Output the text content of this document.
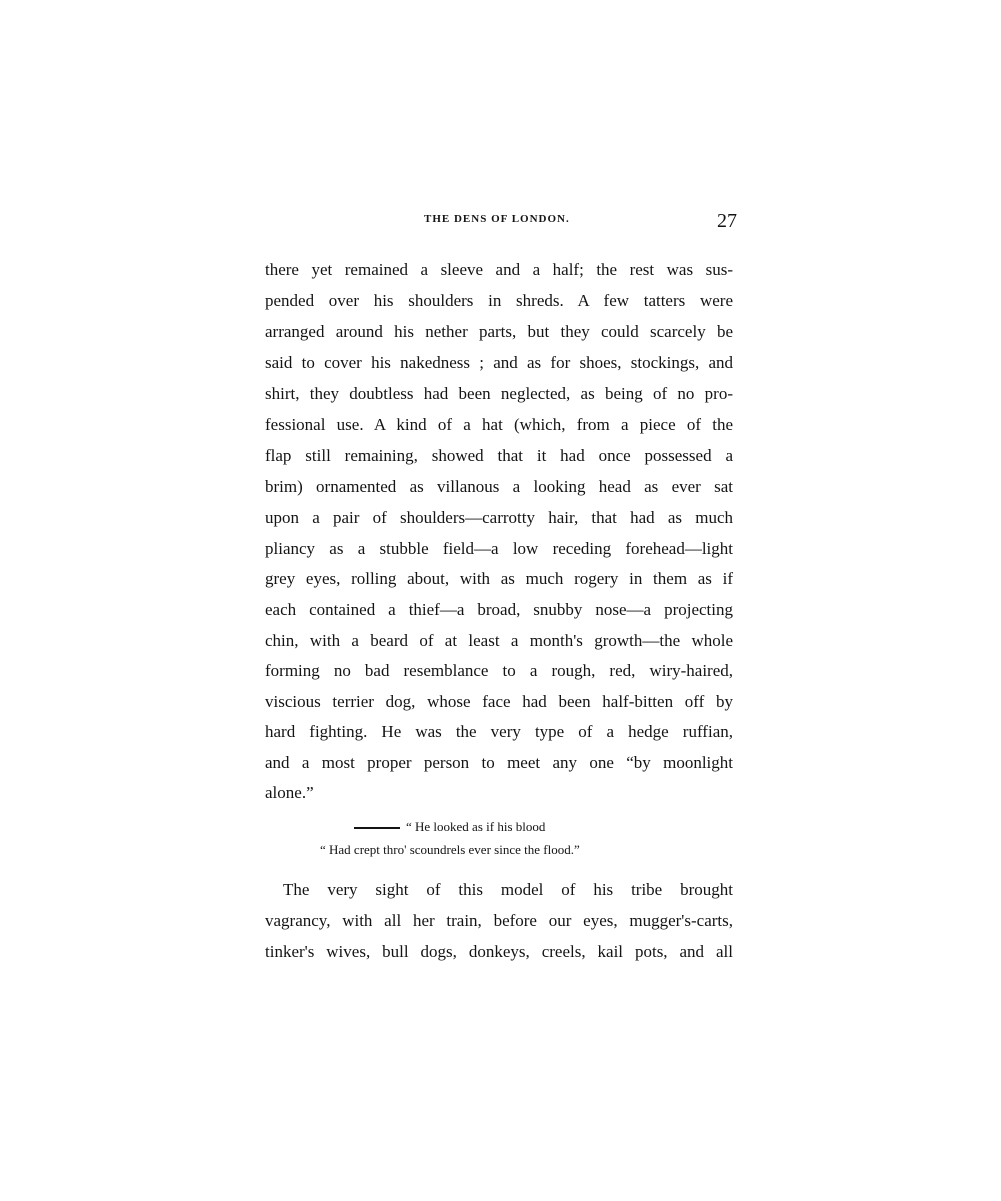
THE DENS OF LONDON.	27
there yet remained a sleeve and a half; the rest was sus-
pended over his shoulders in shreds. A few tatters were
arranged around his nether parts, but they could scarcely be
said to cover his nakedness ; and as for shoes, stockings, and
shirt, they doubtless had been neglected, as being of no pro-
fessional use. A kind of a hat (which, from a piece of the
flap still remaining, showed that it had once possessed a
brim) ornamented as villanous a looking head as ever sat
upon a pair of shoulders—carrotty hair, that had as much
pliancy as a stubble field—a low receding forehead—light
grey eyes, rolling about, with as much rogery in them as if
each contained a thief—a broad, snubby nose—a projecting
chin, with a beard of at least a month's growth—the whole
forming no bad resemblance to a rough, red, wiry-haired,
viscious terrier dog, whose face had been half-bitten off by
hard fighting. He was the very type of a hedge ruffian,
and a most proper person to meet any one “by moonlight
alone.”
“ He looked as if his blood
“ Had crept thro' scoundrels ever since the flood.”
The very sight of this model of his tribe brought
vagrancy, with all her train, before our eyes, mugger's-carts,
tinker's wives, bull dogs, donkeys, creels, kail pots, and all
